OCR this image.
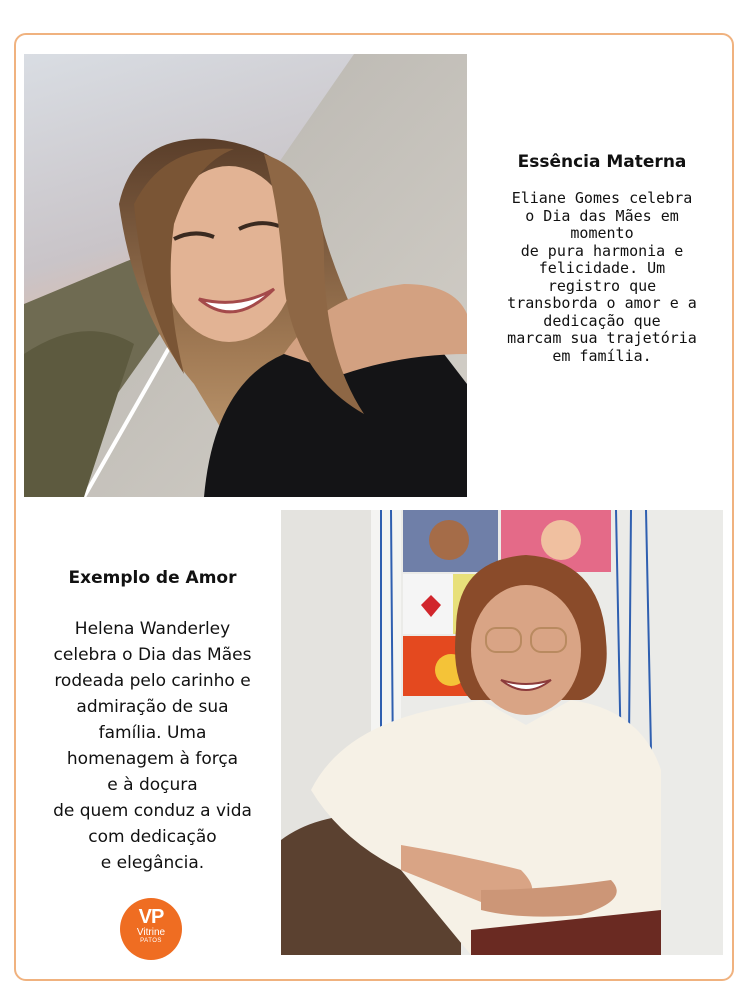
Essência Materna
Eliane Gomes celebra
o Dia das Mães em
momento
de pura harmonia e
felicidade. Um
registro que
transborda o amor e a
dedicação que
marcam sua trajetória
em família.
Exemplo de Amor
Helena Wanderley
celebra o Dia das Mães
rodeada pelo carinho e
admiração de sua
família. Uma
homenagem à força
e à doçura
de quem conduz a vida
com dedicação
e elegância.
VP
Vitrine
PATOS
